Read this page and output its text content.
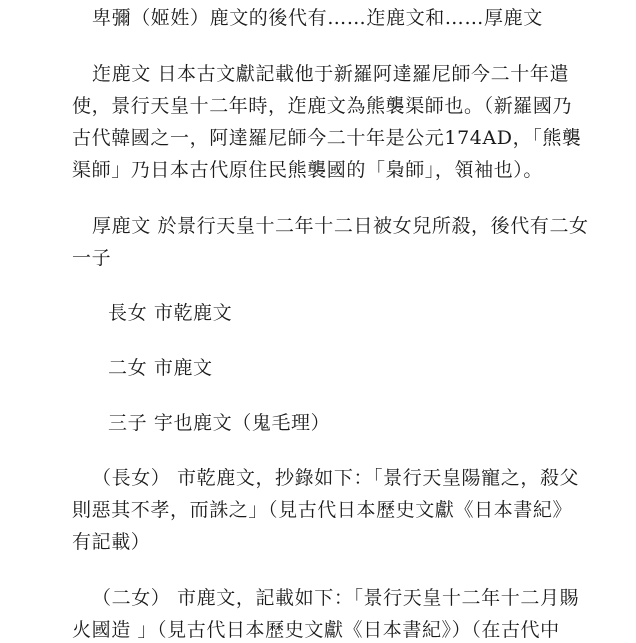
卑彌（姬姓）鹿文的後代有……迮鹿文和……厚鹿文
迮鹿文 日本古文獻記載他于新羅阿達羅尼師今二十年遣
使，景行天皇十二年時，迮鹿文為熊襲渠師也。（新羅國乃
古代韓國之一，阿達羅尼師今二十年是公元174AD，「熊襲
渠師」乃日本古代原住民熊襲國的「梟師」，領袖也）。
厚鹿文 於景行天皇十二年十二日被女兒所殺，後代有二女
一子
長女 市乾鹿文
二女 市鹿文
三子 宇也鹿文（鬼毛理）
（長女） 市乾鹿文，抄錄如下：「景行天皇陽寵之，殺父
則惡其不孝，而誅之」（見古代日本歷史文獻《日本書紀》
有記載）
（二女） 市鹿文，記載如下：「景行天皇十二年十二月賜
火國造 」（見古代日本歷史文獻《日本書紀》）（在古代中
